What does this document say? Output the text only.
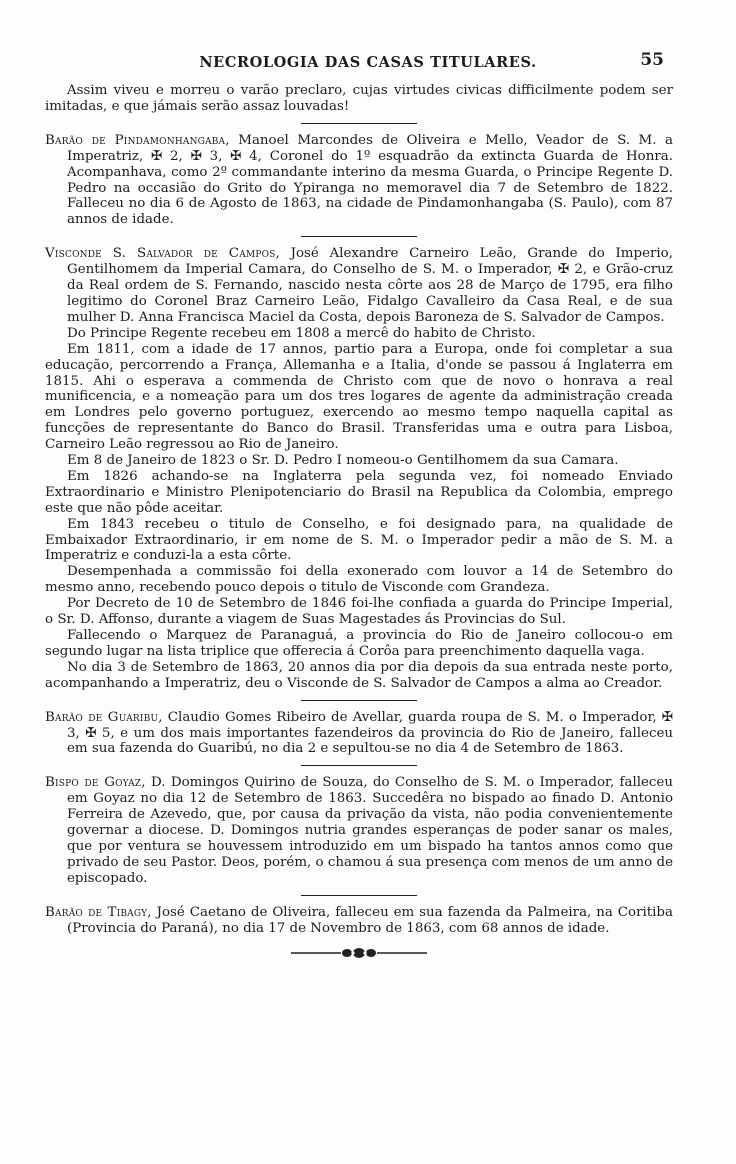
NECROLOGIA DAS CASAS TITULARES.	55

Assim viveu e morreu o varão preclaro, cujas virtudes civicas difficilmente podem ser imitadas, e que jámais serão assaz louvadas!

Barão de Pindamonhangaba, Manoel Marcondes de Oliveira e Mello, Veador de S. M. a Imperatriz, ✠ 2, ✠ 3, ✠ 4, Coronel do 1º esquadrão da extincta Guarda de Honra. Acompanhava, como 2º commandante interino da mesma Guarda, o Principe Regente D. Pedro na occasião do Grito do Ypiranga no memoravel dia 7 de Setembro de 1822. Falleceu no dia 6 de Agosto de 1863, na cidade de Pindamonhangaba (S. Paulo), com 87 annos de idade.

Visconde S. Salvador de Campos, José Alexandre Carneiro Leão, Grande do Imperio, Gentilhomem da Imperial Camara, do Conselho de S. M. o Imperador, ✠ 2, e Grão-cruz da Real ordem de S. Fernando, nascido nesta côrte aos 28 de Março de 1795, era filho legitimo do Coronel Braz Carneiro Leão, Fidalgo Cavalleiro da Casa Real, e de sua mulher D. Anna Francisca Maciel da Costa, depois Baroneza de S. Salvador de Campos.

Do Principe Regente recebeu em 1808 a mercê do habito de Christo.

Em 1811, com a idade de 17 annos, partio para a Europa, onde foi completar a sua educação, percorrendo a França, Allemanha e a Italia, d'onde se passou á Inglaterra em 1815. Ahi o esperava a commenda de Christo com que de novo o honrava a real munificencia, e a nomeação para um dos tres logares de agente da administração creada em Londres pelo governo portuguez, exercendo ao mesmo tempo naquella capital as funcções de representante do Banco do Brasil. Transferidas uma e outra para Lisboa, Carneiro Leão regressou ao Rio de Janeiro.

Em 8 de Janeiro de 1823 o Sr. D. Pedro I nomeou-o Gentilhomem da sua Camara.

Em 1826 achando-se na Inglaterra pela segunda vez, foi nomeado Enviado Extraordinario e Ministro Plenipotenciario do Brasil na Republica da Colombia, emprego este que não pôde aceitar.

Em 1843 recebeu o titulo de Conselho, e foi designado para, na qualidade de Embaixador Extraordinario, ir em nome de S. M. o Imperador pedir a mão de S. M. a Imperatriz e conduzi-la a esta côrte.

Desempenhada a commissão foi della exonerado com louvor a 14 de Setembro do mesmo anno, recebendo pouco depois o titulo de Visconde com Grandeza.

Por Decreto de 10 de Setembro de 1846 foi-lhe confiada a guarda do Principe Imperial, o Sr. D. Affonso, durante a viagem de Suas Magestades ás Provincias do Sul.

Fallecendo o Marquez de Paranaguá, a provincia do Rio de Janeiro collocou-o em segundo lugar na lista triplice que offerecia á Corôa para preenchimento daquella vaga.

No dia 3 de Setembro de 1863, 20 annos dia por dia depois da sua entrada neste porto, acompanhando a Imperatriz, deu o Visconde de S. Salvador de Campos a alma ao Creador.

Barão de Guaribu, Claudio Gomes Ribeiro de Avellar, guarda roupa de S. M. o Imperador, ✠ 3, ✠ 5, e um dos mais importantes fazendeiros da provincia do Rio de Janeiro, falleceu em sua fazenda do Guaribú, no dia 2 e sepultou-se no dia 4 de Setembro de 1863.

Bispo de Goyaz, D. Domingos Quirino de Souza, do Conselho de S. M. o Imperador, falleceu em Goyaz no dia 12 de Setembro de 1863. Succedêra no bispado ao finado D. Antonio Ferreira de Azevedo, que, por causa da privação da vista, não podia convenientemente governar a diocese. D. Domingos nutria grandes esperanças de poder sanar os males, que por ventura se houvessem introduzido em um bispado ha tantos annos como que privado de seu Pastor. Deos, porém, o chamou á sua presença com menos de um anno de episcopado.

Barão de Tibagy, José Caetano de Oliveira, falleceu em sua fazenda da Palmeira, na Coritiba (Provincia do Paraná), no dia 17 de Novembro de 1863, com 68 annos de idade.
